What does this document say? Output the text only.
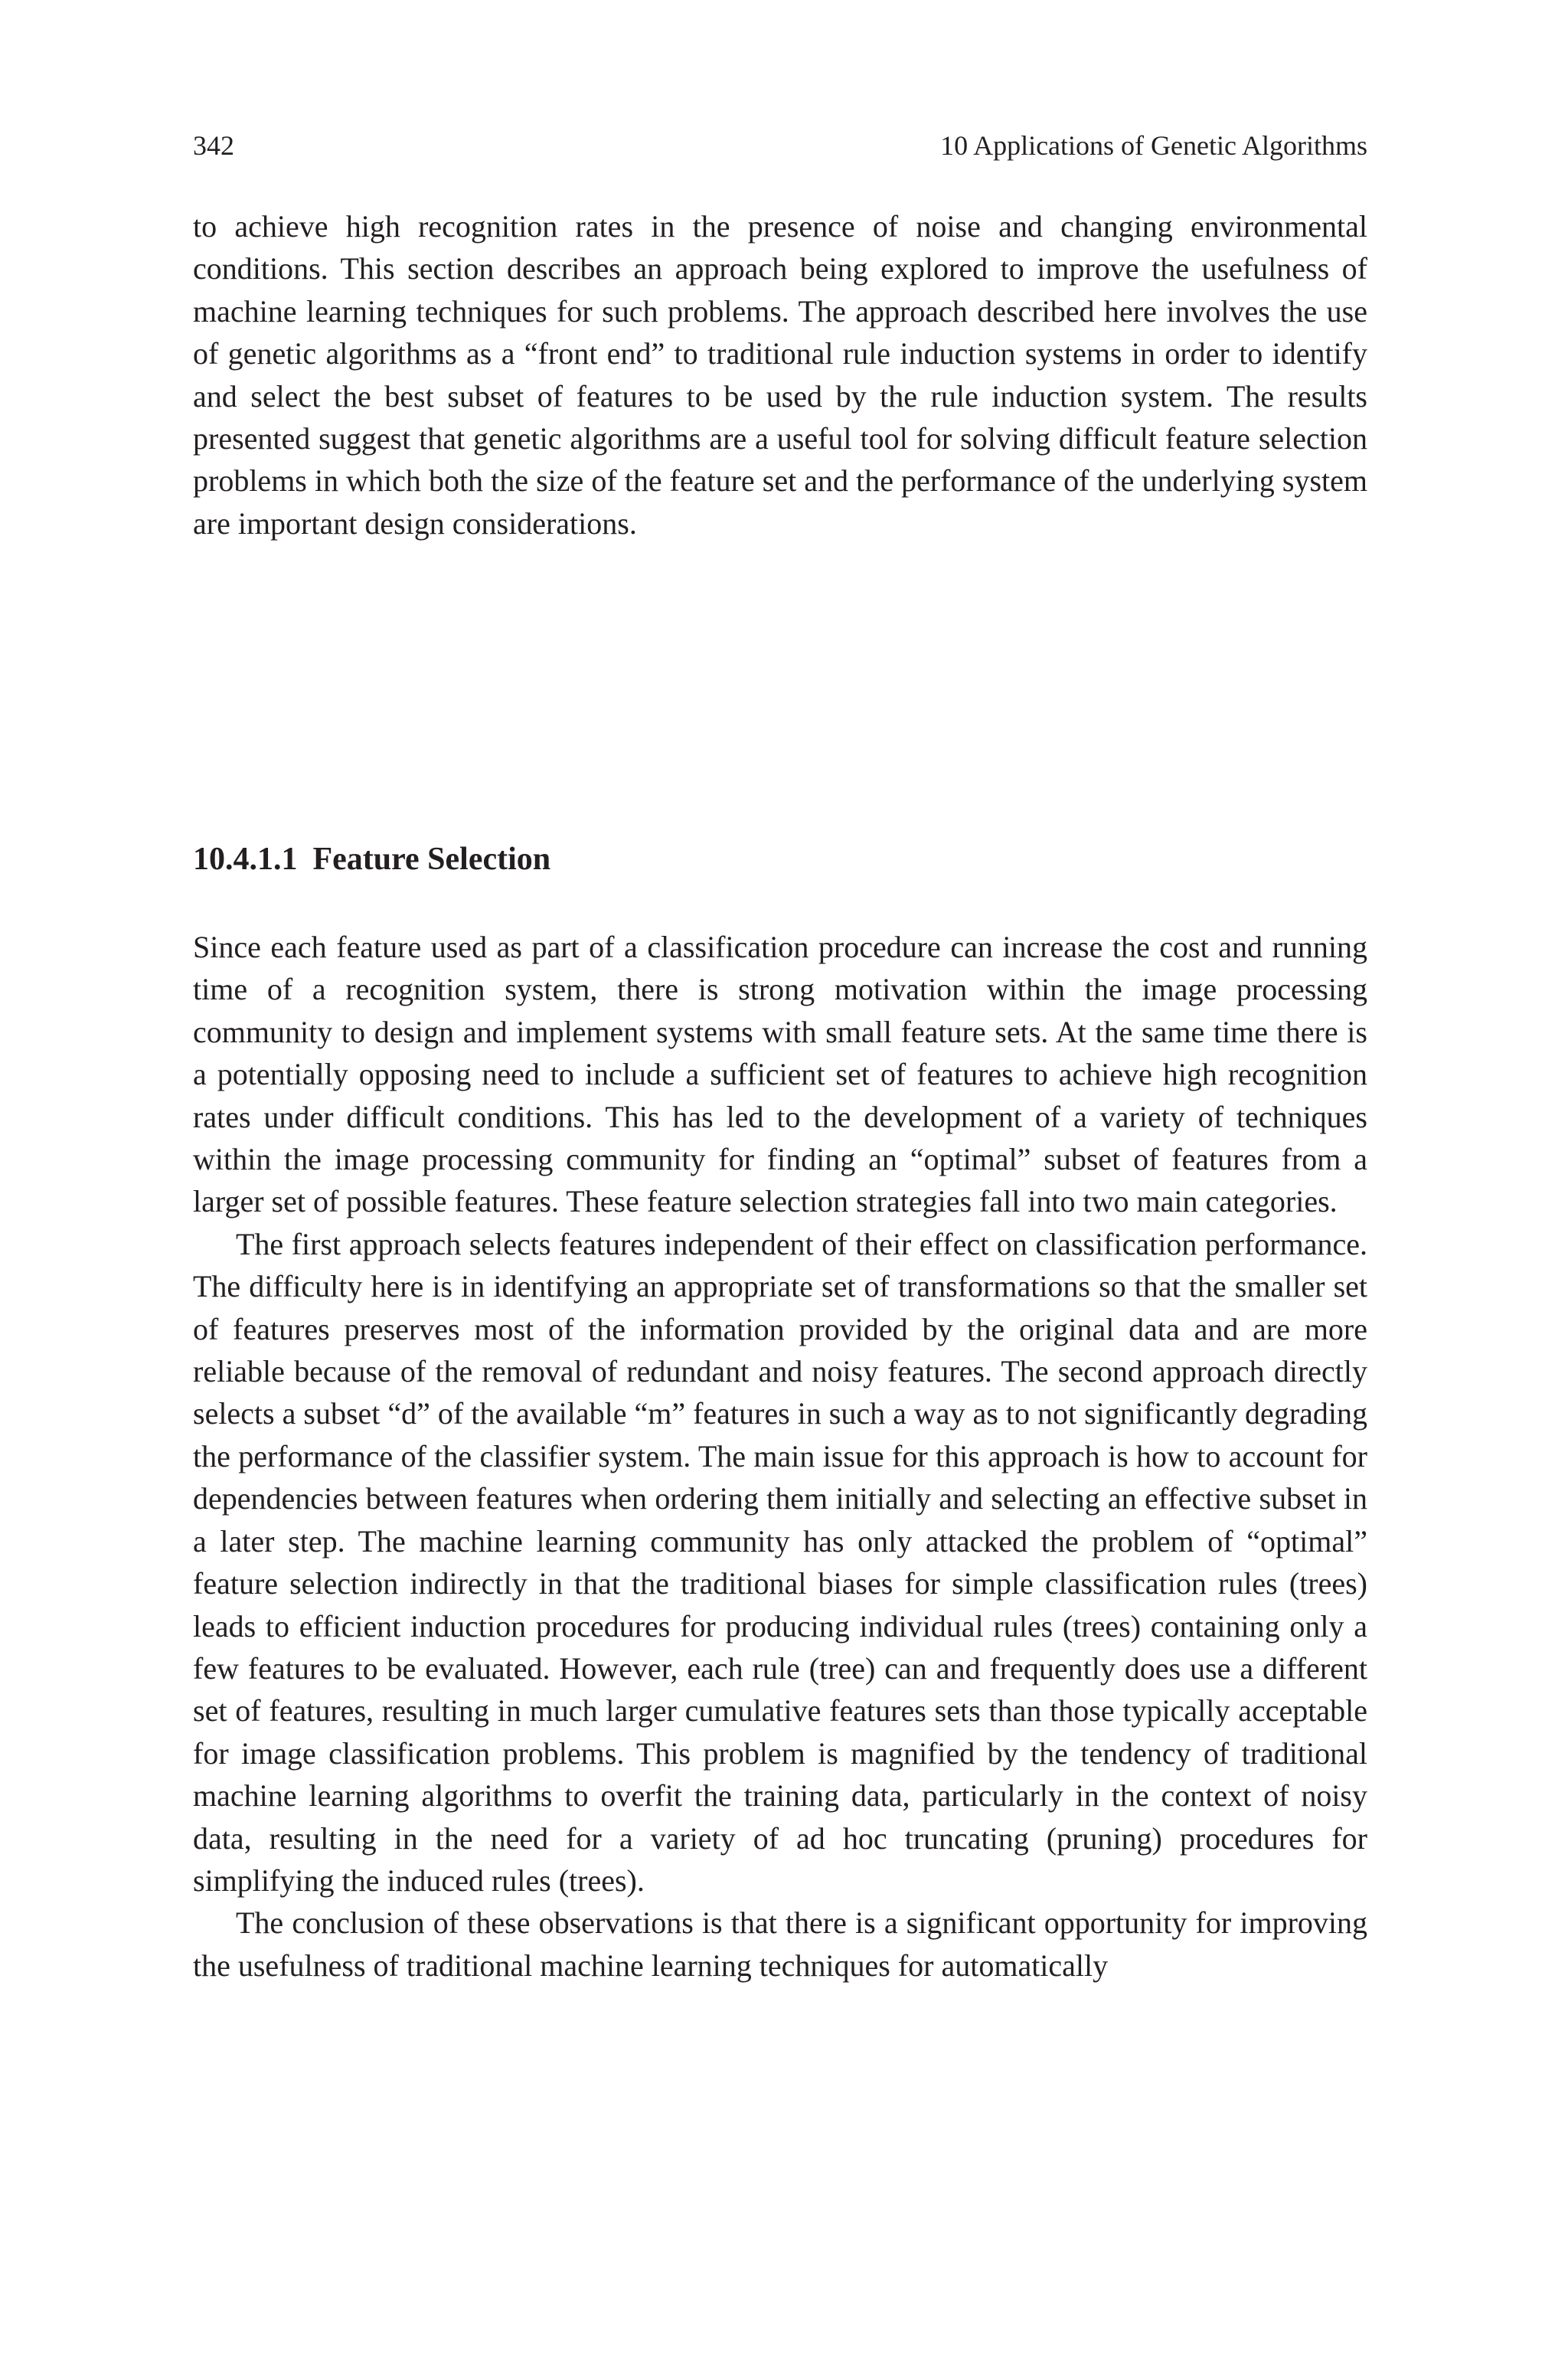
342	10 Applications of Genetic Algorithms

to achieve high recognition rates in the presence of noise and changing environmental conditions. This section describes an approach being explored to improve the usefulness of machine learning techniques for such problems. The approach described here involves the use of genetic algorithms as a “front end” to traditional rule induction systems in order to identify and select the best subset of features to be used by the rule induction system. The results presented suggest that genetic algorithms are a useful tool for solving difficult feature selection problems in which both the size of the feature set and the performance of the underlying system are important design considerations.

10.4.1.1 Feature Selection

Since each feature used as part of a classification procedure can increase the cost and running time of a recognition system, there is strong motivation within the image processing community to design and implement systems with small feature sets. At the same time there is a potentially opposing need to include a sufficient set of features to achieve high recognition rates under difficult conditions. This has led to the development of a variety of techniques within the image processing community for finding an “optimal” subset of features from a larger set of possible features. These feature selection strategies fall into two main categories.

The first approach selects features independent of their effect on classification performance. The difficulty here is in identifying an appropriate set of transformations so that the smaller set of features preserves most of the information provided by the original data and are more reliable because of the removal of redundant and noisy features. The second approach directly selects a subset “d” of the available “m” features in such a way as to not significantly degrading the performance of the classifier system. The main issue for this approach is how to account for dependencies between features when ordering them initially and selecting an effective subset in a later step. The machine learning community has only attacked the problem of “optimal” feature selection indirectly in that the traditional biases for simple classification rules (trees) leads to efficient induction procedures for producing individual rules (trees) containing only a few features to be evaluated. However, each rule (tree) can and frequently does use a different set of features, resulting in much larger cumulative features sets than those typically acceptable for image classification problems. This problem is magnified by the tendency of traditional machine learning algorithms to overfit the training data, particularly in the context of noisy data, resulting in the need for a variety of ad hoc truncating (pruning) procedures for simplifying the induced rules (trees).

The conclusion of these observations is that there is a significant opportunity for improving the usefulness of traditional machine learning techniques for automatically
